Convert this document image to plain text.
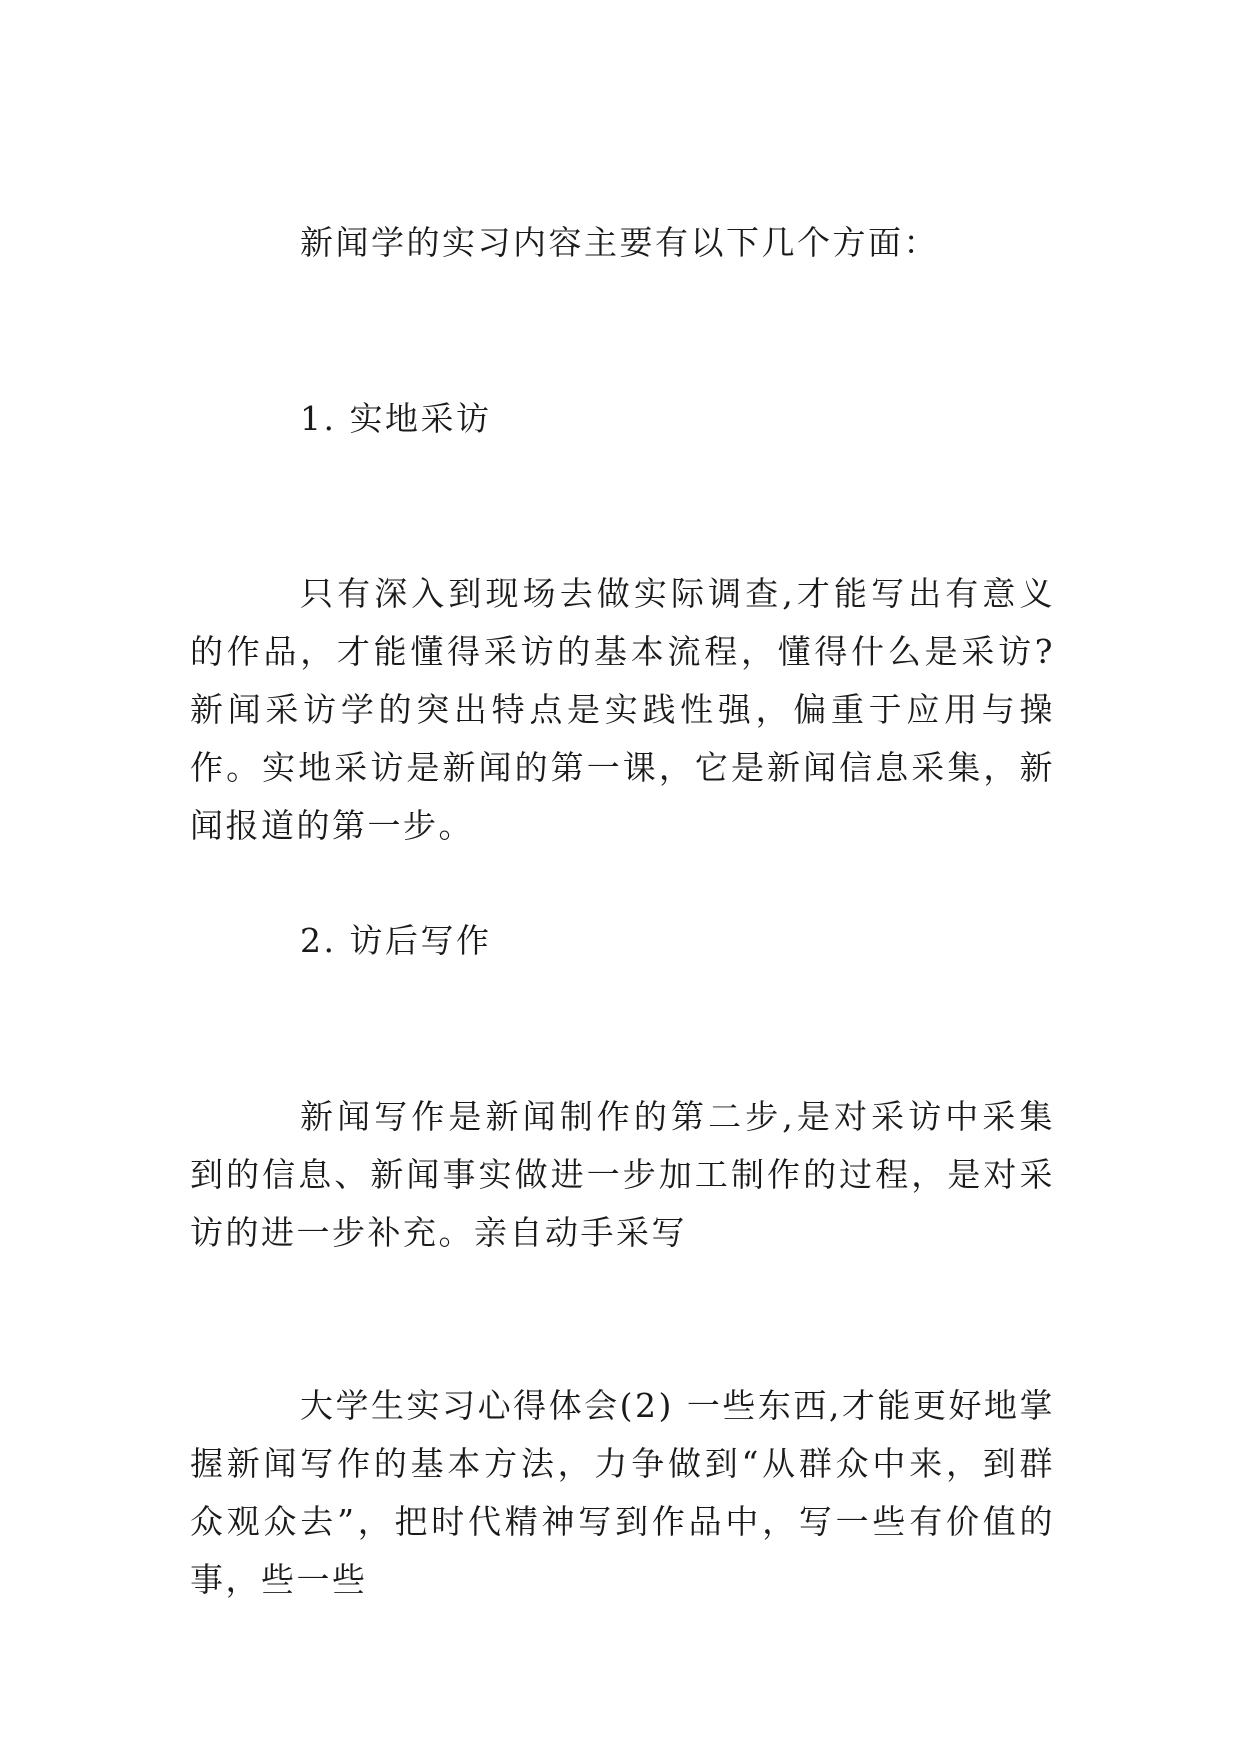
新闻学的实习内容主要有以下几个方面：

1. 实地采访

只有深入到现场去做实际调查,才能写出有意义的作品，才能懂得采访的基本流程，懂得什么是采访?新闻采访学的突出特点是实践性强，偏重于应用与操作。实地采访是新闻的第一课，它是新闻信息采集，新闻报道的第一步。

2. 访后写作

新闻写作是新闻制作的第二步,是对采访中采集到的信息、新闻事实做进一步加工制作的过程，是对采访的进一步补充。亲自动手采写

大学生实习心得体会(2) 一些东西,才能更好地掌握新闻写作的基本方法，力争做到“从群众中来，到群众观众去”，把时代精神写到作品中，写一些有价值的事，些一些
